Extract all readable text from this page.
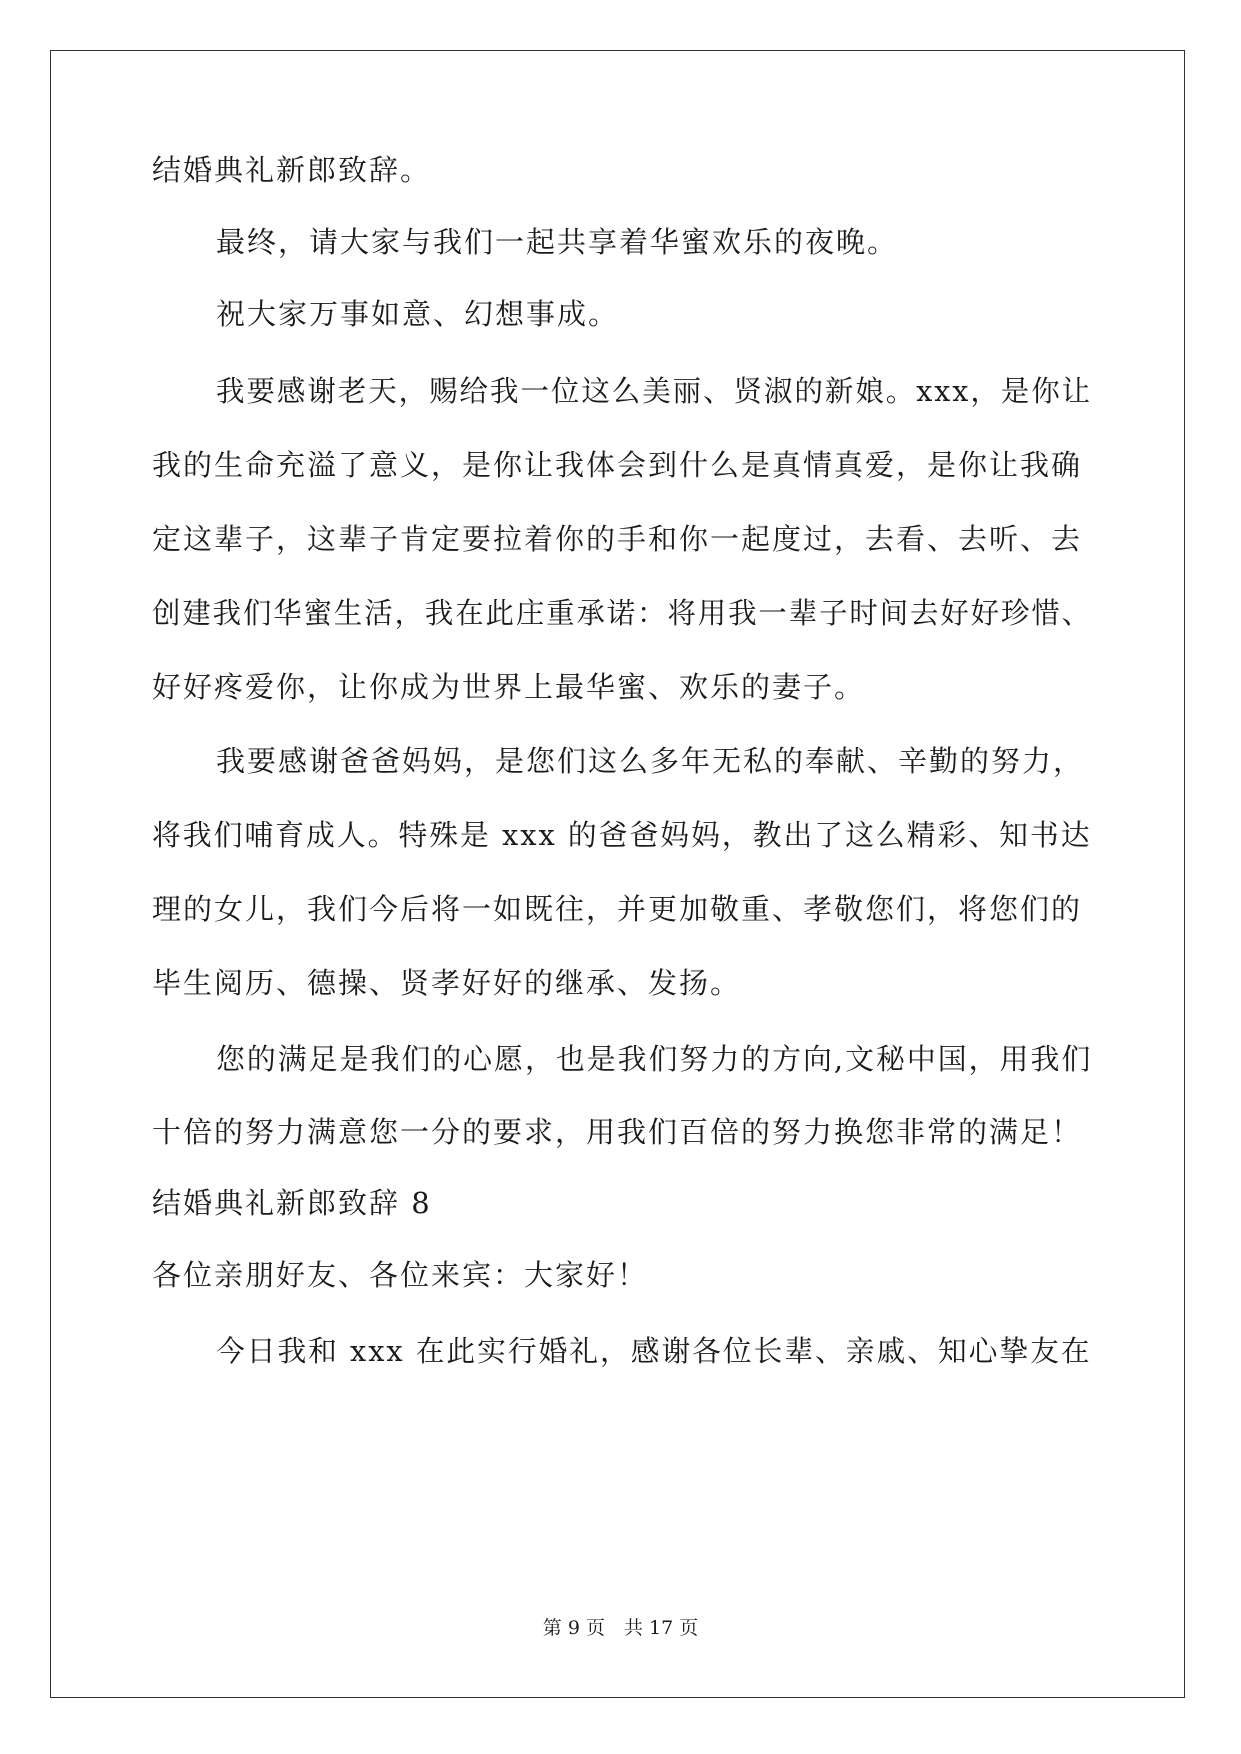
结婚典礼新郎致辞。
最终，请大家与我们一起共享着华蜜欢乐的夜晚。
祝大家万事如意、幻想事成。
我要感谢老天，赐给我一位这么美丽、贤淑的新娘。xxx，是你让
我的生命充溢了意义，是你让我体会到什么是真情真爱，是你让我确
定这辈子，这辈子肯定要拉着你的手和你一起度过，去看、去听、去
创建我们华蜜生活，我在此庄重承诺：将用我一辈子时间去好好珍惜、
好好疼爱你，让你成为世界上最华蜜、欢乐的妻子。
我要感谢爸爸妈妈，是您们这么多年无私的奉献、辛勤的努力，
将我们哺育成人。特殊是 xxx 的爸爸妈妈，教出了这么精彩、知书达
理的女儿，我们今后将一如既往，并更加敬重、孝敬您们，将您们的
毕生阅历、德操、贤孝好好的继承、发扬。
您的满足是我们的心愿，也是我们努力的方向,文秘中国，用我们
十倍的努力满意您一分的要求，用我们百倍的努力换您非常的满足！
结婚典礼新郎致辞 8
各位亲朋好友、各位来宾：大家好！
今日我和 xxx 在此实行婚礼，感谢各位长辈、亲戚、知心挚友在
第 9 页　共 17 页
